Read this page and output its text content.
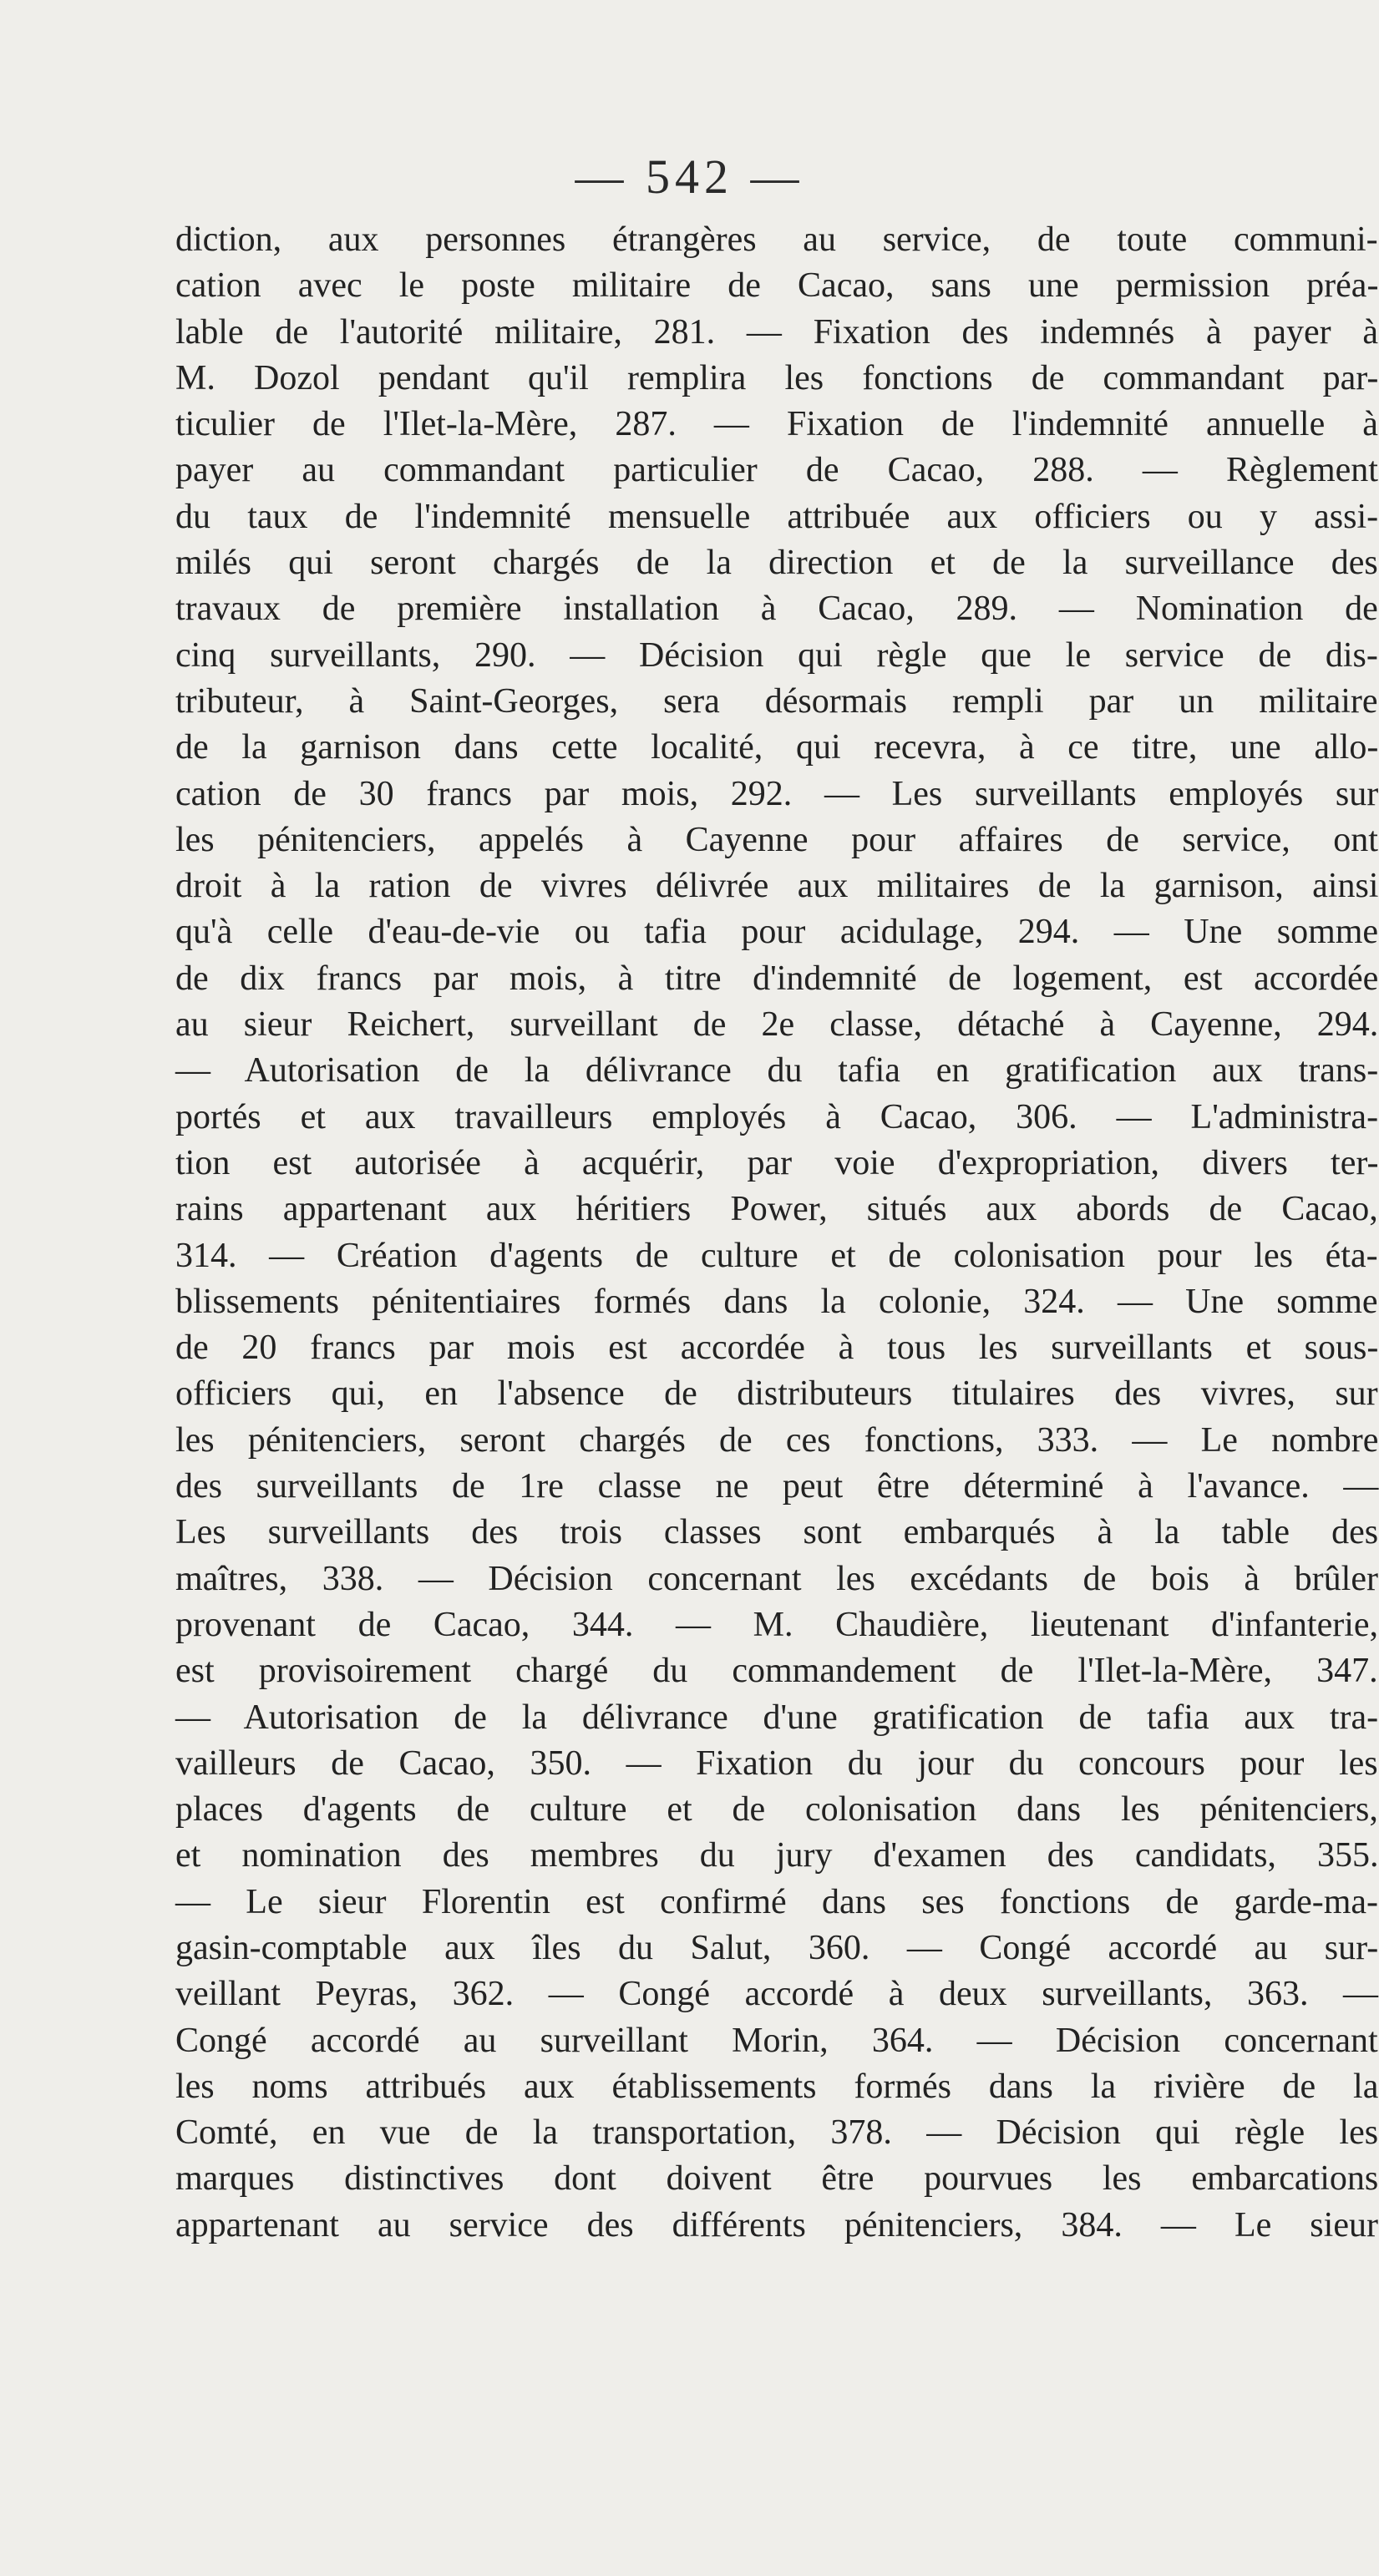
— 542 —
diction, aux personnes étrangères au service, de toute communi-
cation avec le poste militaire de Cacao, sans une permission préa-
lable de l'autorité militaire, 281. — Fixation des indemnés à payer à
M. Dozol pendant qu'il remplira les fonctions de commandant par-
ticulier de l'Ilet-la-Mère, 287. — Fixation de l'indemnité annuelle à
payer au commandant particulier de Cacao, 288. — Règlement
du taux de l'indemnité mensuelle attribuée aux officiers ou y assi-
milés qui seront chargés de la direction et de la surveillance des
travaux de première installation à Cacao, 289. — Nomination de
cinq surveillants, 290. — Décision qui règle que le service de dis-
tributeur, à Saint-Georges, sera désormais rempli par un militaire
de la garnison dans cette localité, qui recevra, à ce titre, une allo-
cation de 30 francs par mois, 292. — Les surveillants employés sur
les pénitenciers, appelés à Cayenne pour affaires de service, ont
droit à la ration de vivres délivrée aux militaires de la garnison, ainsi
qu'à celle d'eau-de-vie ou tafia pour acidulage, 294. — Une somme
de dix francs par mois, à titre d'indemnité de logement, est accordée
au sieur Reichert, surveillant de 2e classe, détaché à Cayenne, 294.
— Autorisation de la délivrance du tafia en gratification aux trans-
portés et aux travailleurs employés à Cacao, 306. — L'administra-
tion est autorisée à acquérir, par voie d'expropriation, divers ter-
rains appartenant aux héritiers Power, situés aux abords de Cacao,
314. — Création d'agents de culture et de colonisation pour les éta-
blissements pénitentiaires formés dans la colonie, 324. — Une somme
de 20 francs par mois est accordée à tous les surveillants et sous-
officiers qui, en l'absence de distributeurs titulaires des vivres, sur
les pénitenciers, seront chargés de ces fonctions, 333. — Le nombre
des surveillants de 1re classe ne peut être déterminé à l'avance. —
Les surveillants des trois classes sont embarqués à la table des
maîtres, 338. — Décision concernant les excédants de bois à brûler
provenant de Cacao, 344. — M. Chaudière, lieutenant d'infanterie,
est provisoirement chargé du commandement de l'Ilet-la-Mère, 347.
— Autorisation de la délivrance d'une gratification de tafia aux tra-
vailleurs de Cacao, 350. — Fixation du jour du concours pour les
places d'agents de culture et de colonisation dans les pénitenciers,
et nomination des membres du jury d'examen des candidats, 355.
— Le sieur Florentin est confirmé dans ses fonctions de garde-ma-
gasin-comptable aux îles du Salut, 360. — Congé accordé au sur-
veillant Peyras, 362. — Congé accordé à deux surveillants, 363. —
Congé accordé au surveillant Morin, 364. — Décision concernant
les noms attribués aux établissements formés dans la rivière de la
Comté, en vue de la transportation, 378. — Décision qui règle les
marques distinctives dont doivent être pourvues les embarcations
appartenant au service des différents pénitenciers, 384. — Le sieur
